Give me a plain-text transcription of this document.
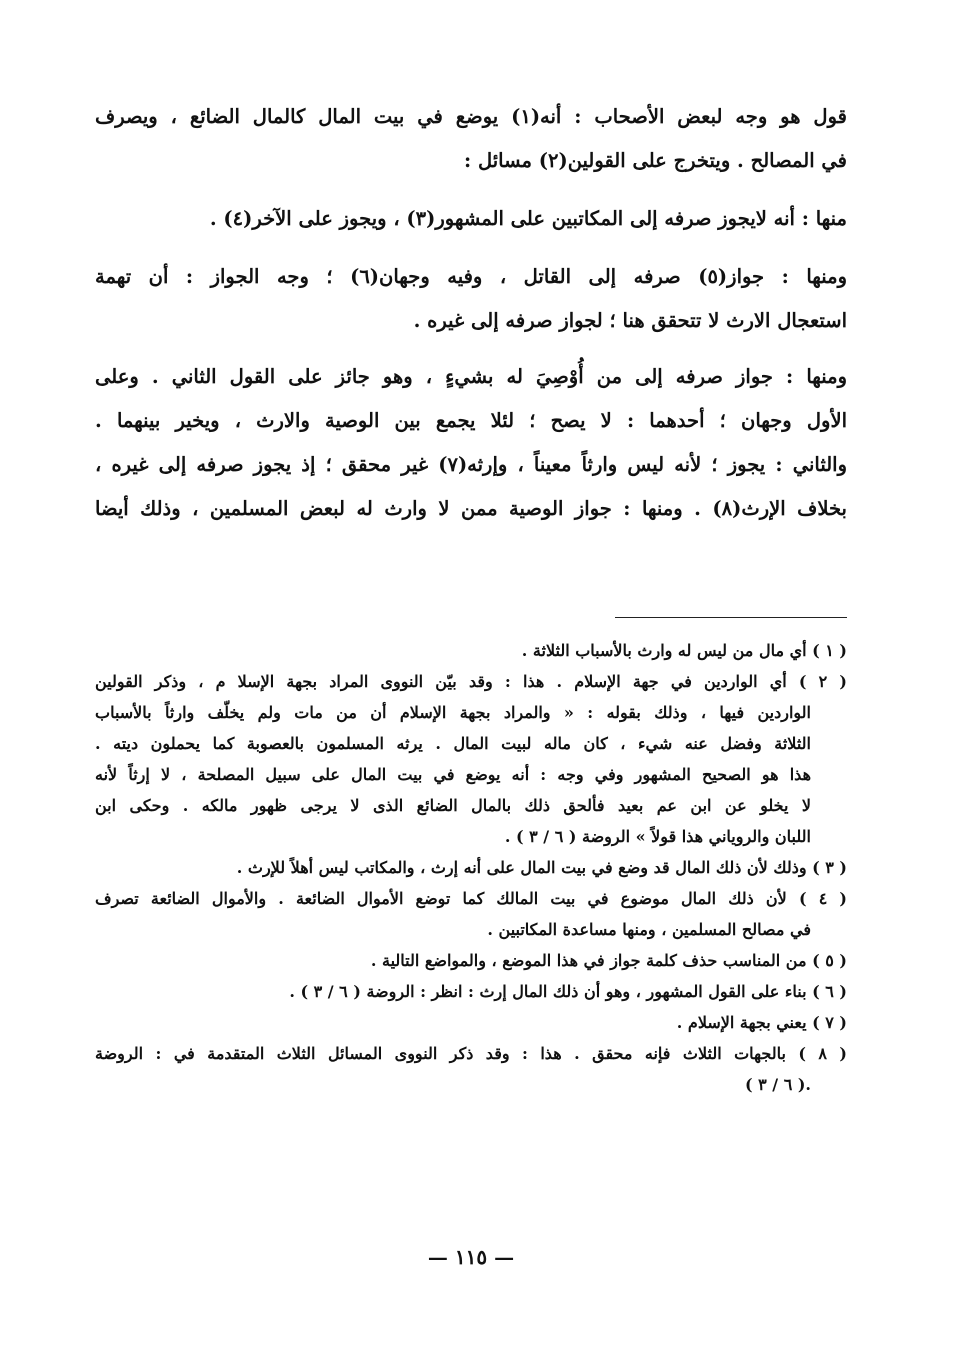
قول هو وجه لبعض الأصحاب : أنه(١) يوضع في بيت المال كالمال الضائع ، ويصرف
في المصالح . ويتخرج على القولين(٢) مسائل :
منها : أنه لايجوز صرفه إلى المكاتبين على المشهور(٣) ، ويجوز على الآخر(٤) .
ومنها : جواز(٥) صرفه إلى القاتل ، وفيه وجهان(٦) ؛ وجه الجواز : أن تهمة
استعجال الارث لا تتحقق هنا ؛ لجواز صرفه إلى غيره .
ومنها : جواز صرفه إلى من أُوْصِيَ له بشيءٍ ، وهو جائز على القول الثاني . وعلى
الأول وجهان ؛ أحدهما : لا يصح ؛ لئلا يجمع بين الوصية والارث ، ويخير بينهما .
والثاني : يجوز ؛ لأنه ليس وارثاً معيناً ، وإرثه(٧) غير محقق ؛ إذ يجوز صرفه إلى غيره ،
بخلاف الإرث(٨) . ومنها : جواز الوصية ممن لا وارث له لبعض المسلمين ، وذلك أيضا
( ١ ) أي مال من ليس له وارث بالأسباب الثلاثة .
( ٢ ) أي الواردين في جهة الإسلام . هذا : وقد بيّن النووى المراد بجهة الإسلا م ، وذكر القولين
الواردين فيها ، وذلك بقوله : « والمراد بجهة الإسلام أن من مات ولم يخلّف وارثاً بالأسباب
الثلاثة وفضل عنه شيء ، كان ماله لبيت المال . يرثه المسلمون بالعصوبة كما يحملون ديته .
هذا هو الصحيح المشهور وفي وجه : أنه يوضع في بيت المال على سبيل المصلحة ، لا إرثاً لأنه
لا يخلو عن ابن عم بعيد فألحق ذلك بالمال الضائع الذى لا يرجى ظهور مالكه . وحكى ابن
اللبان والروياني هذا قولاً » الروضة ( ٦ / ٣ ) .
( ٣ ) وذلك لأن ذلك المال قد وضع في بيت المال على أنه إرث ، والمكاتب ليس أهلاً للإرث .
( ٤ ) لأن ذلك المال موضوع في بيت المالك كما توضع الأموال الضائعة . والأموال الضائعة تصرف
في مصالح المسلمين ، ومنها مساعدة المكاتبين .
( ٥ ) من المناسب حذف كلمة جواز في هذا الموضع ، والمواضع التالية .
( ٦ ) بناء على القول المشهور ، وهو أن ذلك المال إرث : انظر : الروضة ( ٦ / ٣ ) .
( ٧ ) يعني بجهة الإسلام .
( ٨ ) بالجهات الثلاث فإنه محقق . هذا : وقد ذكر النووى المسائل الثلاث المتقدمة في : الروضة
.( ٦ / ٣ )
— ١١٥ —
